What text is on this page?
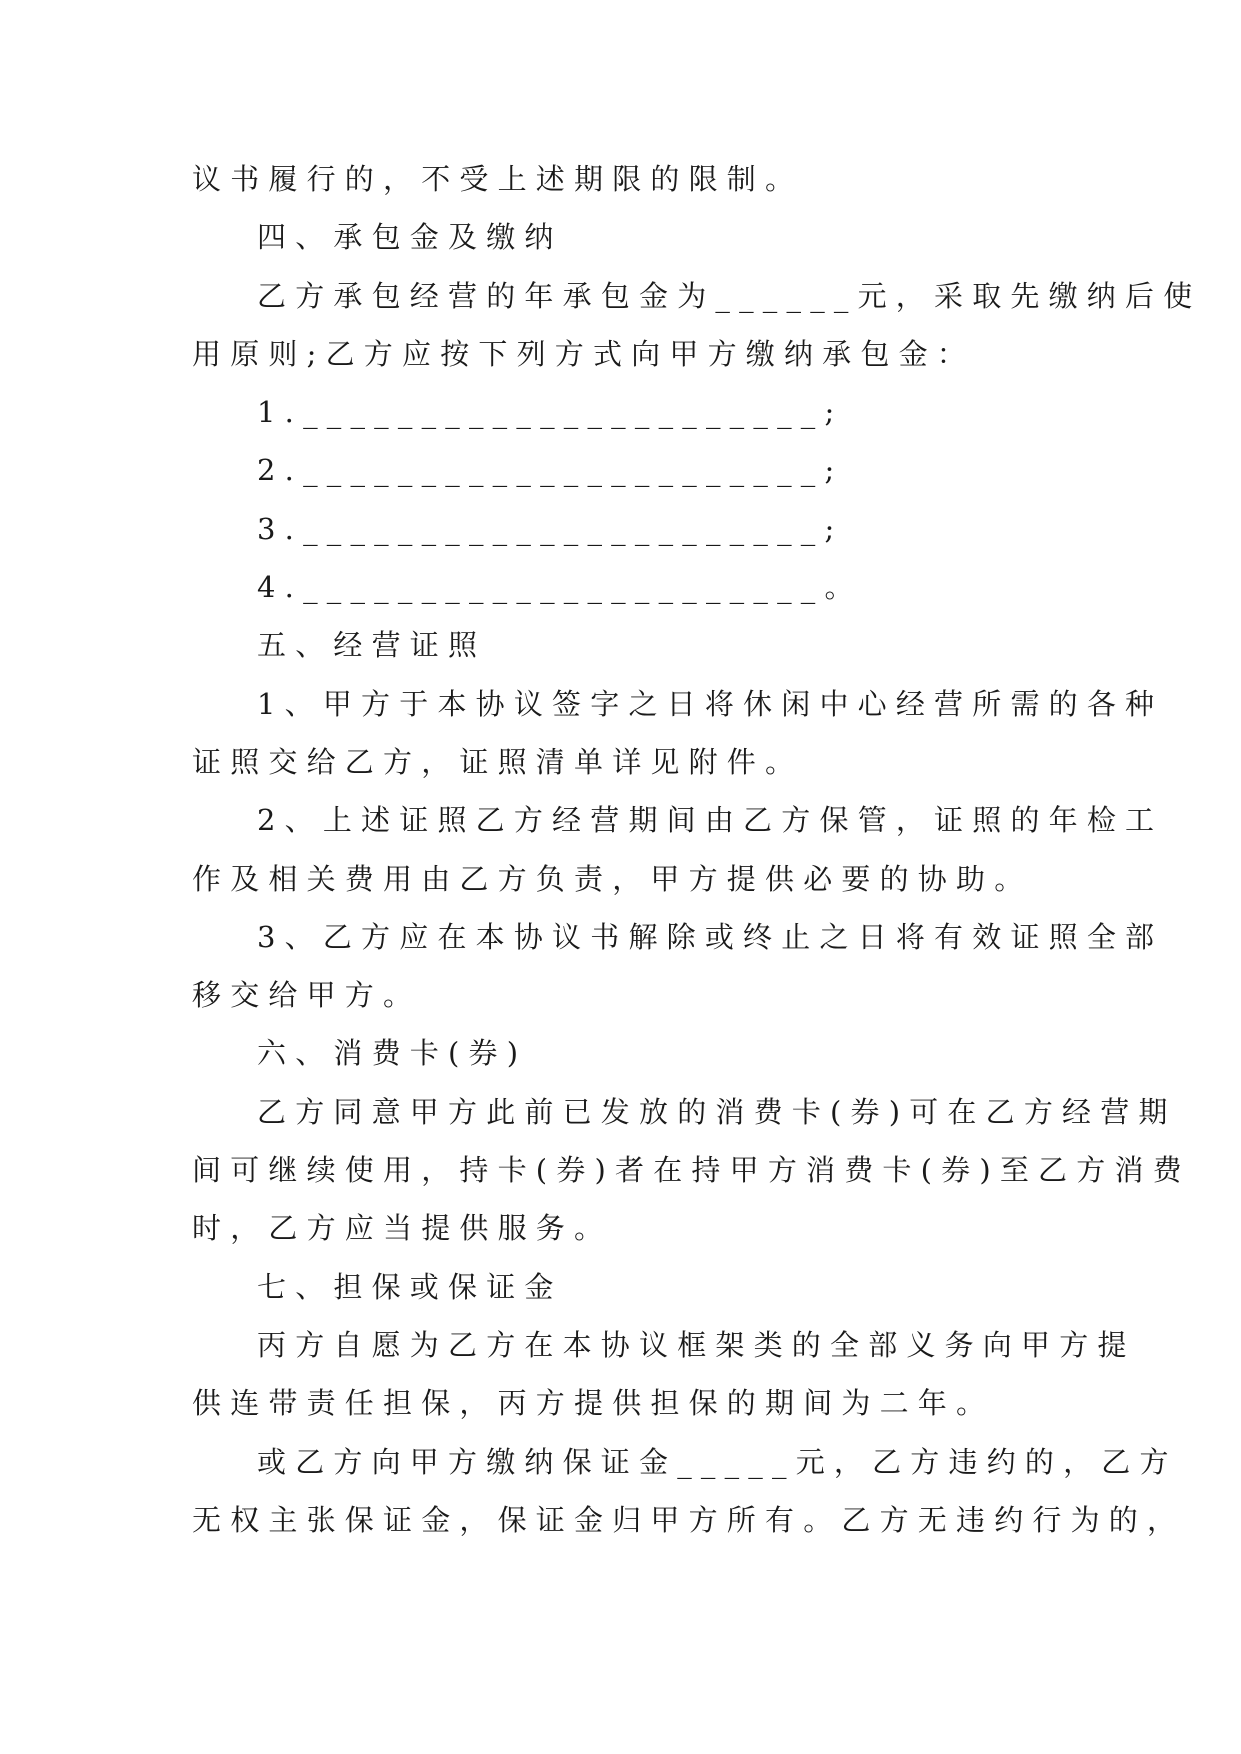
议书履行的，不受上述期限的限制。
四、承包金及缴纳
乙方承包经营的年承包金为______元，采取先缴纳后使
用原则;乙方应按下列方式向甲方缴纳承包金：
1.______________________;
2.______________________;
3.______________________;
4.______________________。
五、经营证照
1、甲方于本协议签字之日将休闲中心经营所需的各种
证照交给乙方，证照清单详见附件。
2、上述证照乙方经营期间由乙方保管，证照的年检工
作及相关费用由乙方负责，甲方提供必要的协助。
3、乙方应在本协议书解除或终止之日将有效证照全部
移交给甲方。
六、消费卡(券)
乙方同意甲方此前已发放的消费卡(券)可在乙方经营期
间可继续使用，持卡(券)者在持甲方消费卡(券)至乙方消费
时，乙方应当提供服务。
七、担保或保证金
丙方自愿为乙方在本协议框架类的全部义务向甲方提
供连带责任担保，丙方提供担保的期间为二年。
或乙方向甲方缴纳保证金_____元，乙方违约的，乙方
无权主张保证金，保证金归甲方所有。乙方无违约行为的，
